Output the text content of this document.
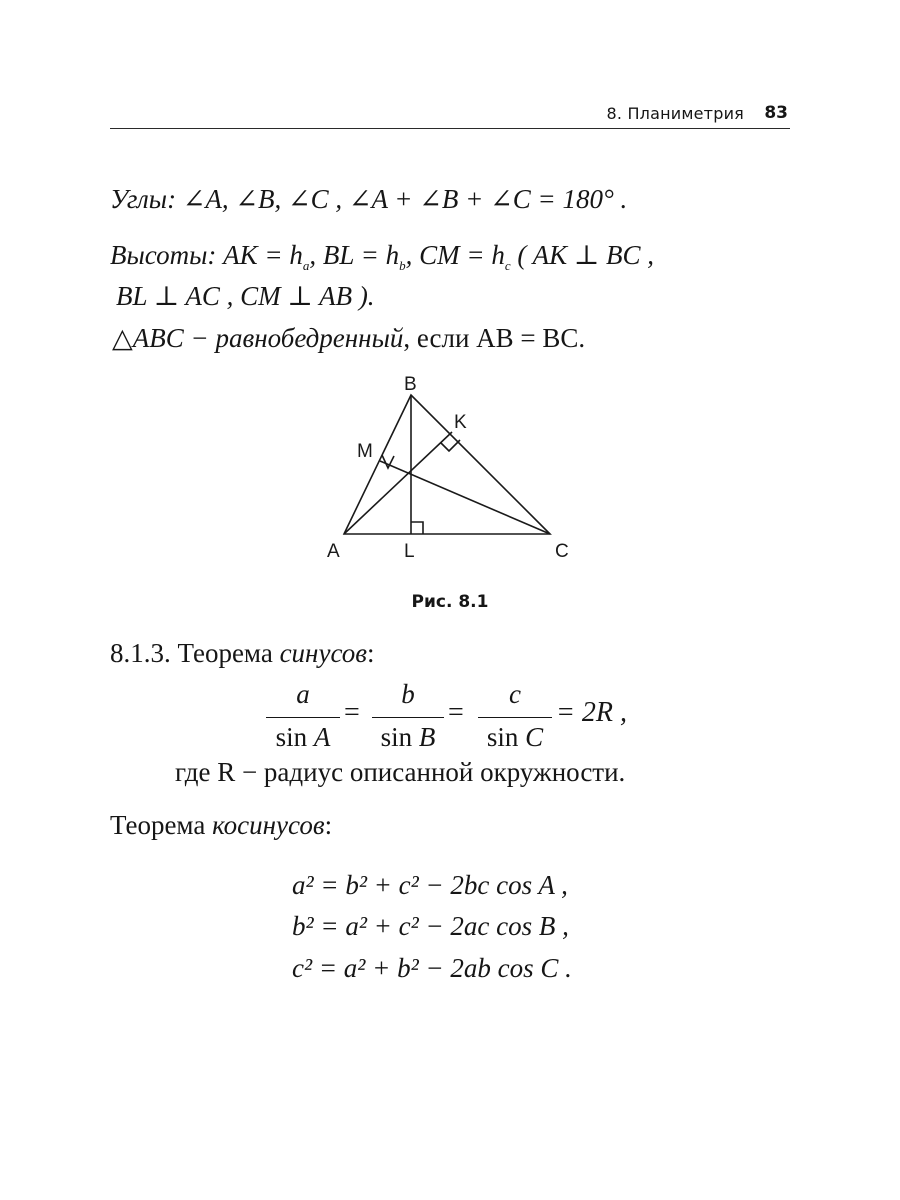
8. Планиметрия 83
Углы: ∠A, ∠B, ∠C , ∠A + ∠B + ∠C = 180° .
Высоты: AK = $h_a$, BL = $h_b$, CM = $h_c$ ( AK ⊥ BC ,
BL ⊥ AC , CM ⊥ AB ).
△ABC − равнобедренный, если AB = BC.
B
K
M
A	L	C
Рис. 8.1
8.1.3. Теорема синусов:
a
sin A
=
b
sin B
=
c
sin C
= 2R ,
где R − радиус описанной окружности.
Теорема косинусов:
a² = b² + c² − 2bc cos A ,
b² = a² + c² − 2ac cos B ,
c² = a² + b² − 2ab cos C .
